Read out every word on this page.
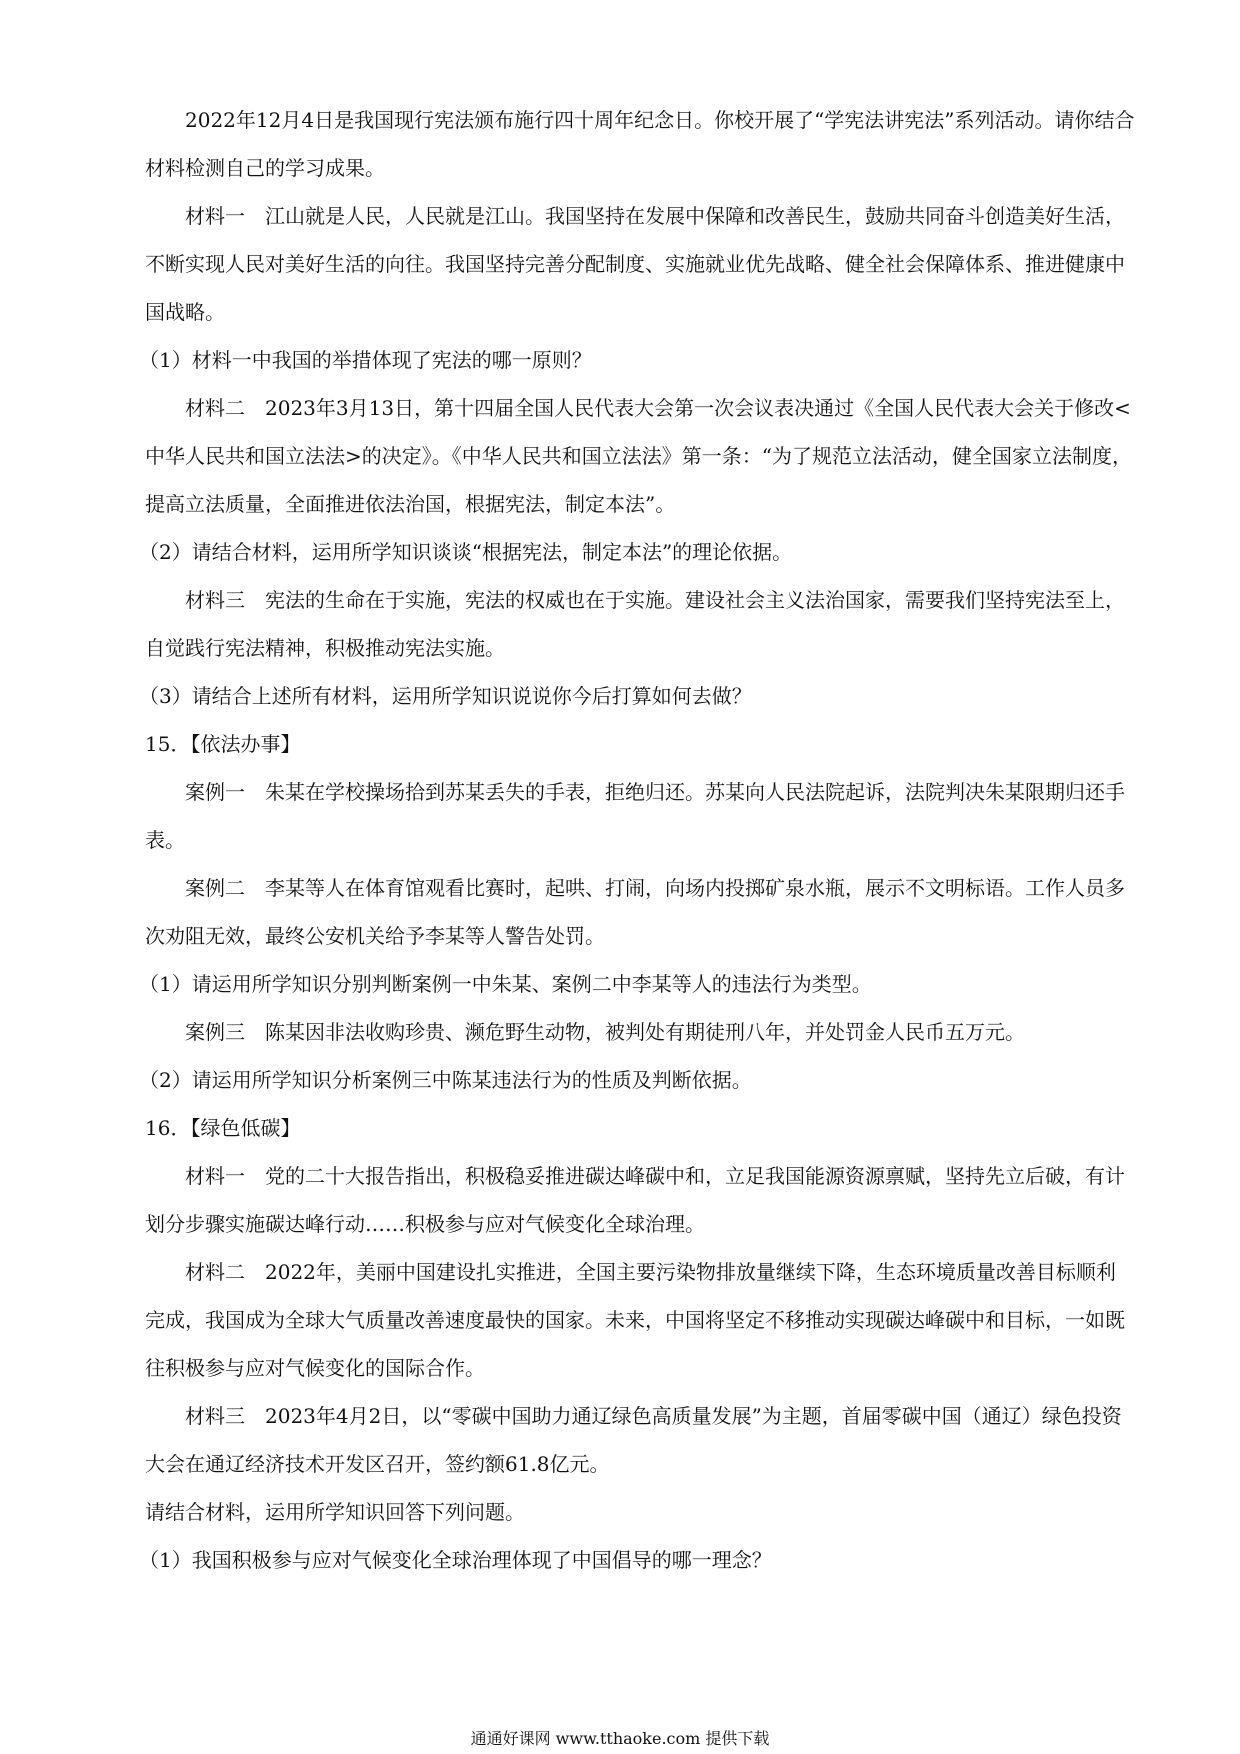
2022年12月4日是我国现行宪法颁布施行四十周年纪念日。你校开展了“学宪法讲宪法”系列活动。请你结合材料检测自己的学习成果。

材料一　江山就是人民，人民就是江山。我国坚持在发展中保障和改善民生，鼓励共同奋斗创造美好生活，不断实现人民对美好生活的向往。我国坚持完善分配制度、实施就业优先战略、健全社会保障体系、推进健康中国战略。

（1）材料一中我国的举措体现了宪法的哪一原则？

材料二　2023年3月13日，第十四届全国人民代表大会第一次会议表决通过《全国人民代表大会关于修改<中华人民共和国立法法>的决定》。《中华人民共和国立法法》第一条：“为了规范立法活动，健全国家立法制度，提高立法质量，全面推进依法治国，根据宪法，制定本法”。

（2）请结合材料，运用所学知识谈谈“根据宪法，制定本法”的理论依据。

材料三　宪法的生命在于实施，宪法的权威也在于实施。建设社会主义法治国家，需要我们坚持宪法至上，自觉践行宪法精神，积极推动宪法实施。

（3）请结合上述所有材料，运用所学知识说说你今后打算如何去做？

15．【依法办事】

案例一　朱某在学校操场拾到苏某丢失的手表，拒绝归还。苏某向人民法院起诉，法院判决朱某限期归还手表。

案例二　李某等人在体育馆观看比赛时，起哄、打闹，向场内投掷矿泉水瓶，展示不文明标语。工作人员多次劝阻无效，最终公安机关给予李某等人警告处罚。

（1）请运用所学知识分别判断案例一中朱某、案例二中李某等人的违法行为类型。

案例三　陈某因非法收购珍贵、濒危野生动物，被判处有期徒刑八年，并处罚金人民币五万元。

（2）请运用所学知识分析案例三中陈某违法行为的性质及判断依据。

16．【绿色低碳】

材料一　党的二十大报告指出，积极稳妥推进碳达峰碳中和，立足我国能源资源禀赋，坚持先立后破，有计划分步骤实施碳达峰行动……积极参与应对气候变化全球治理。

材料二　2022年，美丽中国建设扎实推进，全国主要污染物排放量继续下降，生态环境质量改善目标顺利完成，我国成为全球大气质量改善速度最快的国家。未来，中国将坚定不移推动实现碳达峰碳中和目标，一如既往积极参与应对气候变化的国际合作。

材料三　2023年4月2日，以“零碳中国助力通辽绿色高质量发展”为主题，首届零碳中国（通辽）绿色投资大会在通辽经济技术开发区召开，签约额61.8亿元。

请结合材料，运用所学知识回答下列问题。

（1）我国积极参与应对气候变化全球治理体现了中国倡导的哪一理念？

通通好课网 www.tthaoke.com 提供下载
